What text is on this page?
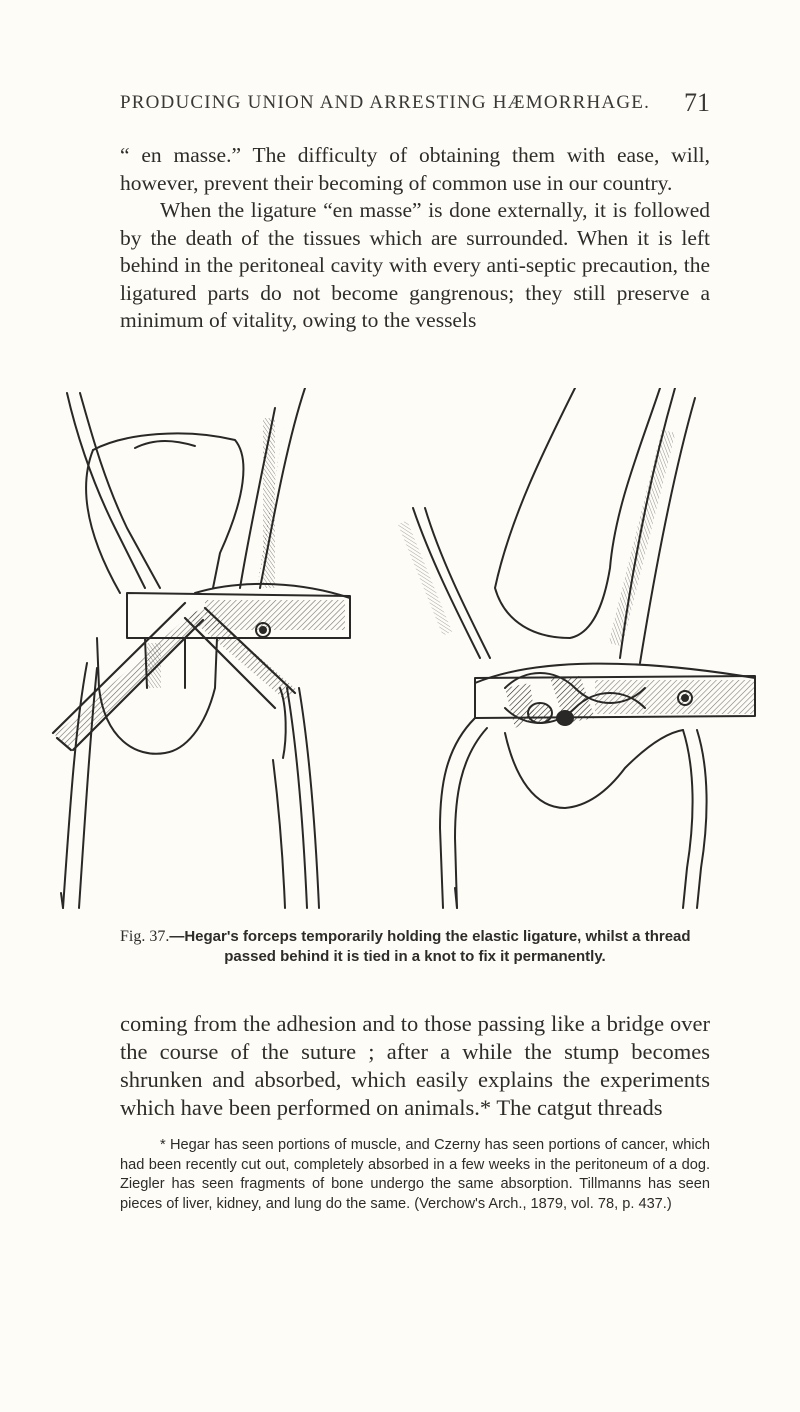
PRODUCING UNION AND ARRESTING HÆMORRHAGE. 71

“ en masse.” The difficulty of obtaining them with ease, will, however, prevent their becoming of common use in our country.

When the ligature “en masse” is done externally, it is followed by the death of the tissues which are surrounded. When it is left behind in the peritoneal cavity with every anti-septic precaution, the ligatured parts do not become gangrenous; they still preserve a minimum of vitality, owing to the vessels

Fig. 37.—Hegar's forceps temporarily holding the elastic ligature, whilst a thread
passed behind it is tied in a knot to fix it permanently.

coming from the adhesion and to those passing like a bridge over the course of the suture ; after a while the stump becomes shrunken and absorbed, which easily explains the experiments which have been performed on animals.* The catgut threads

* Hegar has seen portions of muscle, and Czerny has seen portions of cancer, which had been recently cut out, completely absorbed in a few weeks in the peritoneum of a dog. Ziegler has seen fragments of bone undergo the same absorption. Tillmanns has seen pieces of liver, kidney, and lung do the same. (Verchow's Arch., 1879, vol. 78, p. 437.)
